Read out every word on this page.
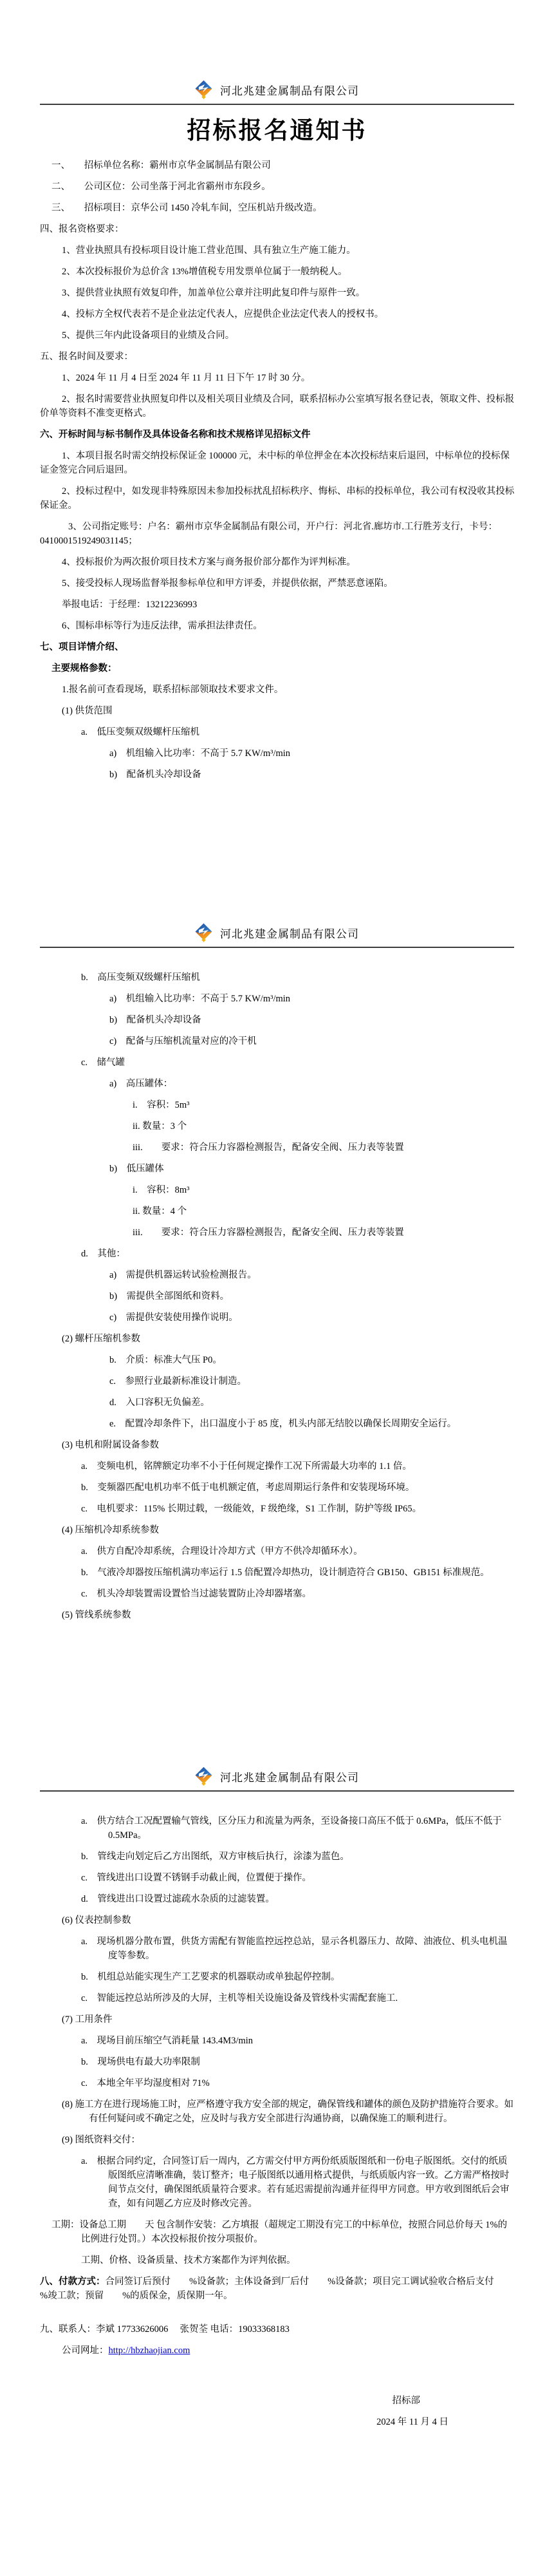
河北兆建金属制品有限公司
招标报名通知书

一、　　招标单位名称：霸州市京华金属制品有限公司

二、　　公司区位：公司坐落于河北省霸州市东段乡。

三、　　招标项目：京华公司 1450 冷轧车间，空压机站升级改造。

四、报名资格要求：

1、营业执照具有投标项目设计施工营业范围、具有独立生产施工能力。

2、本次投标报价为总价含 13%增值税专用发票单位属于一般纳税人。

3、提供营业执照有效复印件，加盖单位公章并注明此复印件与原件一致。

4、投标方全权代表若不是企业法定代表人，应提供企业法定代表人的授权书。

5、提供三年内此设备项目的业绩及合同。

五、报名时间及要求：

1、2024 年 11 月 4 日至 2024 年 11 月 11 日下午 17 时 30 分。

2、报名时需要营业执照复印件以及相关项目业绩及合同，联系招标办公室填写报名登记表，领取文件、投标报价单等资料不准变更格式。

六、开标时间与标书制作及具体设备名称和技术规格详见招标文件

1、本项目报名时需交纳投标保证金 100000 元，未中标的单位押金在本次投标结束后退回，中标单位的投标保证金签完合同后退回。

2、投标过程中，如发现非特殊原因未参加投标扰乱招标秩序、悔标、串标的投标单位，我公司有权没收其投标保证金。

3、公司指定账号：户名：霸州市京华金属制品有限公司，开户行：河北省.廊坊市.工行胜芳支行，卡号：0410001519249031145；

4、投标报价为两次报价项目技术方案与商务报价部分都作为评判标准。

5、接受投标人现场监督举报参标单位和甲方评委，并提供依据，严禁恶意诬陷。

举报电话：于经理：13212236993

6、围标串标等行为违反法律，需承担法律责任。

七、项目详情介绍、

主要规格参数：

1.报名前可查看现场，联系招标部领取技术要求文件。

(1) 供货范围

a.　低压变频双级螺杆压缩机

a)　机组输入比功率：不高于 5.7 KW/m³/min

b)　配备机头冷却设备

河北兆建金属制品有限公司

b.　高压变频双级螺杆压缩机

a)　机组输入比功率：不高于 5.7 KW/m³/min

b)　配备机头冷却设备

c)　配备与压缩机流量对应的冷干机

c.　储气罐

a)　高压罐体：

i.　容积：5m³

ii. 数量：3 个

iii.　　要求：符合压力容器检测报告，配备安全阀、压力表等装置

b)　低压罐体

i.　容积：8m³

ii. 数量：4 个

iii.　　要求：符合压力容器检测报告，配备安全阀、压力表等装置

d.　其他：

a)　需提供机器运转试验检测报告。

b)　需提供全部图纸和资料。

c)　需提供安装使用操作说明。

(2) 螺杆压缩机参数

b.　介质：标准大气压 P0。

c.　参照行业最新标准设计制造。

d.　入口容积无负偏差。

e.　配置冷却条件下，出口温度小于 85 度，机头内部无结胶以确保长周期安全运行。

(3) 电机和附属设备参数

a.　变频电机，铭牌额定功率不小于任何规定操作工况下所需最大功率的 1.1 倍。

b.　变频器匹配电机功率不低于电机额定值，考虑周期运行条件和安装现场环境。

c.　电机要求：115% 长期过载，一级能效，F 级绝缘，S1 工作制，防护等级 IP65。

(4) 压缩机冷却系统参数

a.　供方自配冷却系统，合理设计冷却方式（甲方不供冷却循环水）。

b.　气液冷却器按压缩机满功率运行 1.5 倍配置冷却热功，设计制造符合 GB150、GB151 标准规范。

c.　机头冷却装置需设置恰当过滤装置防止冷却器堵塞。

(5) 管线系统参数

河北兆建金属制品有限公司

a.　供方结合工况配置输气管线，区分压力和流量为两条，至设备接口高压不低于 0.6MPa，低压不低于 0.5MPa。

b.　管线走向划定后乙方出图纸，双方审核后执行，涂漆为蓝色。

c.　管线进出口设置不锈钢手动截止阀，位置便于操作。

d.　管线进出口设置过滤疏水杂质的过滤装置。

(6) 仪表控制参数

a.　现场机器分散布置，供货方需配有智能监控远控总站，显示各机器压力、故障、油液位、机头电机温度等参数。

b.　机组总站能实现生产工艺要求的机器联动或单独起停控制。

c.　智能远控总站所涉及的大屏，主机等相关设施设备及管线朴实需配套施工.

(7) 工用条件

a.　现场目前压缩空气消耗量 143.4M3/min

b.　现场供电有最大功率限制

c.　本地全年平均湿度相对 71%

(8) 施工方在进行现场施工时，应严格遵守我方安全部的规定，确保管线和罐体的颜色及防护措施符合要求。如有任何疑问或不确定之处，应及时与我方安全部进行沟通协商，以确保施工的顺利进行。

(9) 图纸资料交付：

a.　根据合同约定，合同签订后一周内，乙方需交付甲方两份纸质版图纸和一份电子版图纸。交付的纸质版图纸应清晰准确，装订整齐；电子版图纸以通用格式提供，与纸质版内容一致。乙方需严格按时间节点交付，确保图纸质量符合要求。若有延迟需提前沟通并征得甲方同意。甲方收到图纸后会审查，如有问题乙方应及时修改完善。

工期：设备总工期　　天 包含制作安装：乙方填报（超规定工期没有完工的中标单位，按照合同总价每天 1%的比例进行处罚。）本次投标报价按分项报价。

工期、价格、设备质量、技术方案都作为评判依据。

八、付款方式：合同签订后预付　　%设备款；主体设备到厂后付　　%设备款；项目完工调试验收合格后支付　　%竣工款；预留　　%的质保金，质保期一年。

九、联系人：李斌 17733626006　 张贺荃 电话：19033368183

公司网址：http://hbzhaojian.com

招标部

2024 年 11 月 4 日
